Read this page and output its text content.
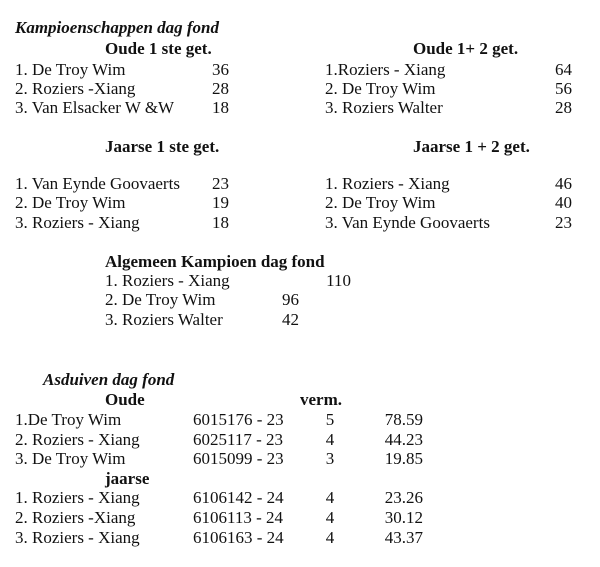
Kampioenschappen dag fond
Oude 1 ste get.
1. De Troy Wim	36
2. Roziers -Xiang	28
3. Van Elsacker W &W	18
Oude 1+ 2 get.
1.Roziers - Xiang	64
2. De Troy Wim	56
3. Roziers Walter	28
Jaarse 1 ste get.
1. Van Eynde Goovaerts	23
2. De Troy Wim	19
3. Roziers - Xiang	18
Jaarse 1 + 2 get.
1. Roziers - Xiang	46
2. De Troy Wim	40
3. Van Eynde Goovaerts	23
Algemeen Kampioen dag fond
1. Roziers - Xiang	110
2. De Troy Wim	96
3. Roziers Walter	42
1.De Troy Wim	6015176 - 23	5	78.59
2. Roziers - Xiang	6025117 - 23	4	44.23
3. De Troy Wim	6015099 - 23	3	19.85
1. Roziers - Xiang	6106142 - 24	4	23.26
2. Roziers -Xiang	6106113 - 24	4	30.12
3. Roziers - Xiang	6106163 - 24	4	43.37
Asduiven dag fond
Oude	verm.
jaarse
